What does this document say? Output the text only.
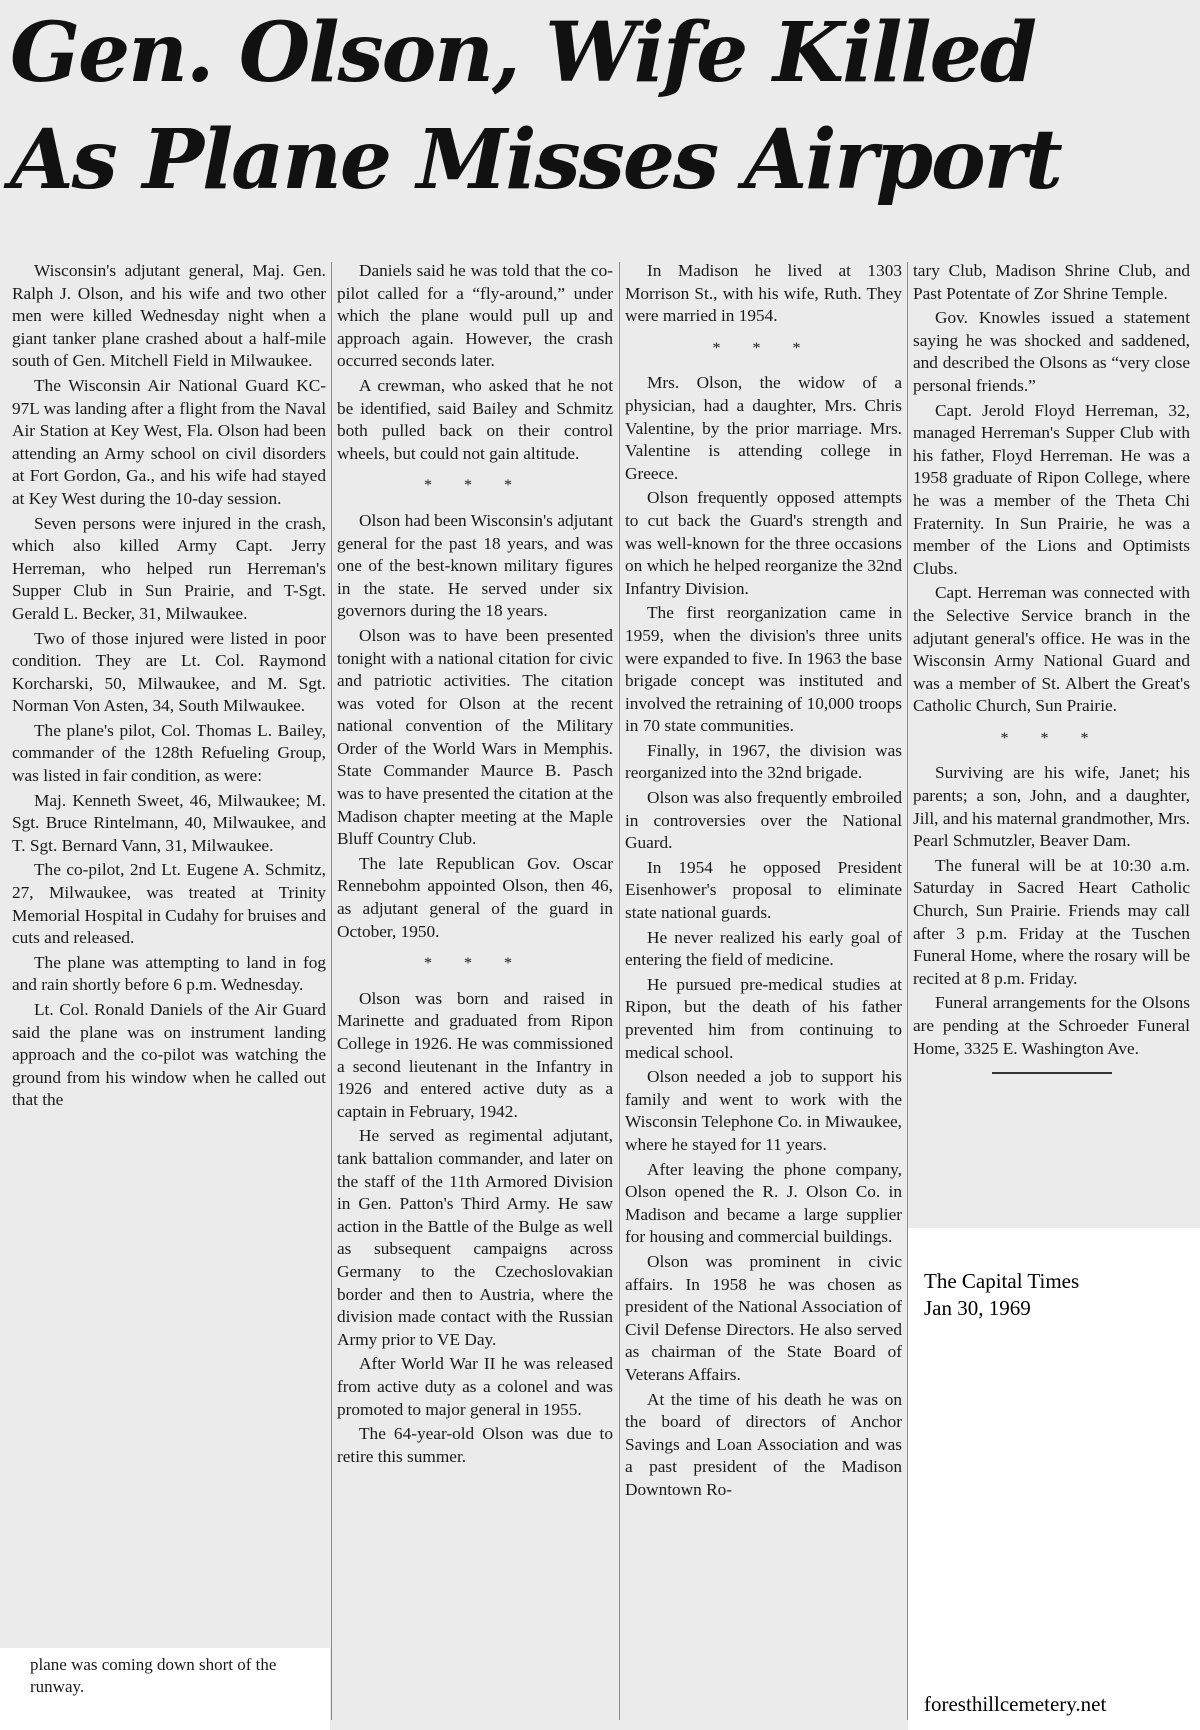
Gen. Olson, Wife Killed
As Plane Misses Airport

Wisconsin's adjutant general, Maj. Gen. Ralph J. Olson, and his wife and two other men were killed Wednesday night when a giant tanker plane crashed about a half-mile south of Gen. Mitchell Field in Milwaukee.

The Wisconsin Air National Guard KC-97L was landing after a flight from the Naval Air Station at Key West, Fla. Olson had been attending an Army school on civil disorders at Fort Gordon, Ga., and his wife had stayed at Key West during the 10-day session.

Seven persons were injured in the crash, which also killed Army Capt. Jerry Herreman, who helped run Herreman's Supper Club in Sun Prairie, and T-Sgt. Gerald L. Becker, 31, Milwaukee.

Two of those injured were listed in poor condition. They are Lt. Col. Raymond Korcharski, 50, Milwaukee, and M. Sgt. Norman Von Asten, 34, South Milwaukee.

The plane's pilot, Col. Thomas L. Bailey, commander of the 128th Refueling Group, was listed in fair condition, as were:

Maj. Kenneth Sweet, 46, Milwaukee; M. Sgt. Bruce Rintelmann, 40, Milwaukee, and T. Sgt. Bernard Vann, 31, Milwaukee.

The co-pilot, 2nd Lt. Eugene A. Schmitz, 27, Milwaukee, was treated at Trinity Memorial Hospital in Cudahy for bruises and cuts and released.

The plane was attempting to land in fog and rain shortly before 6 p.m. Wednesday.

Lt. Col. Ronald Daniels of the Air Guard said the plane was on instrument landing approach and the co-pilot was watching the ground from his window when he called out that the

Daniels said he was told that the co-pilot called for a “fly-around,” under which the plane would pull up and approach again. However, the crash occurred seconds later.

A crewman, who asked that he not be identified, said Bailey and Schmitz both pulled back on their control wheels, but could not gain altitude.

* * *

Olson had been Wisconsin's adjutant general for the past 18 years, and was one of the best-known military figures in the state. He served under six governors during the 18 years.

Olson was to have been presented tonight with a national citation for civic and patriotic activities. The citation was voted for Olson at the recent national convention of the Military Order of the World Wars in Memphis. State Commander Maurce B. Pasch was to have presented the citation at the Madison chapter meeting at the Maple Bluff Country Club.

The late Republican Gov. Oscar Rennebohm appointed Olson, then 46, as adjutant general of the guard in October, 1950.

* * *

Olson was born and raised in Marinette and graduated from Ripon College in 1926. He was commissioned a second lieutenant in the Infantry in 1926 and entered active duty as a captain in February, 1942.

He served as regimental adjutant, tank battalion commander, and later on the staff of the 11th Armored Division in Gen. Patton's Third Army. He saw action in the Battle of the Bulge as well as subsequent campaigns across Germany to the Czechoslovakian border and then to Austria, where the division made contact with the Russian Army prior to VE Day.

After World War II he was released from active duty as a colonel and was promoted to major general in 1955.

The 64-year-old Olson was due to retire this summer.

In Madison he lived at 1303 Morrison St., with his wife, Ruth. They were married in 1954.

* * *

Mrs. Olson, the widow of a physician, had a daughter, Mrs. Chris Valentine, by the prior marriage. Mrs. Valentine is attending college in Greece.

Olson frequently opposed attempts to cut back the Guard's strength and was well-known for the three occasions on which he helped reorganize the 32nd Infantry Division.

The first reorganization came in 1959, when the division's three units were expanded to five. In 1963 the base brigade concept was instituted and involved the retraining of 10,000 troops in 70 state communities.

Finally, in 1967, the division was reorganized into the 32nd brigade.

Olson was also frequently embroiled in controversies over the National Guard.

In 1954 he opposed President Eisenhower's proposal to eliminate state national guards.

He never realized his early goal of entering the field of medicine.

He pursued pre-medical studies at Ripon, but the death of his father prevented him from continuing to medical school.

Olson needed a job to support his family and went to work with the Wisconsin Telephone Co. in Miwaukee, where he stayed for 11 years.

After leaving the phone company, Olson opened the R. J. Olson Co. in Madison and became a large supplier for housing and commercial buildings.

Olson was prominent in civic affairs. In 1958 he was chosen as president of the National Association of Civil Defense Directors. He also served as chairman of the State Board of Veterans Affairs.

At the time of his death he was on the board of directors of Anchor Savings and Loan Association and was a past president of the Madison Downtown Ro-

tary Club, Madison Shrine Club, and Past Potentate of Zor Shrine Temple.

Gov. Knowles issued a statement saying he was shocked and saddened, and described the Olsons as “very close personal friends.”

Capt. Jerold Floyd Herreman, 32, managed Herreman's Supper Club with his father, Floyd Herreman. He was a 1958 graduate of Ripon College, where he was a member of the Theta Chi Fraternity. In Sun Prairie, he was a member of the Lions and Optimists Clubs.

Capt. Herreman was connected with the Selective Service branch in the adjutant general's office. He was in the Wisconsin Army National Guard and was a member of St. Albert the Great's Catholic Church, Sun Prairie.

* * *

Surviving are his wife, Janet; his parents; a son, John, and a daughter, Jill, and his maternal grandmother, Mrs. Pearl Schmutzler, Beaver Dam.

The funeral will be at 10:30 a.m. Saturday in Sacred Heart Catholic Church, Sun Prairie. Friends may call after 3 p.m. Friday at the Tuschen Funeral Home, where the rosary will be recited at 8 p.m. Friday.

Funeral arrangements for the Olsons are pending at the Schroeder Funeral Home, 3325 E. Washington Ave.

plane was coming down short of the runway.

The Capital Times
Jan 30, 1969
foresthillcemetery.net
